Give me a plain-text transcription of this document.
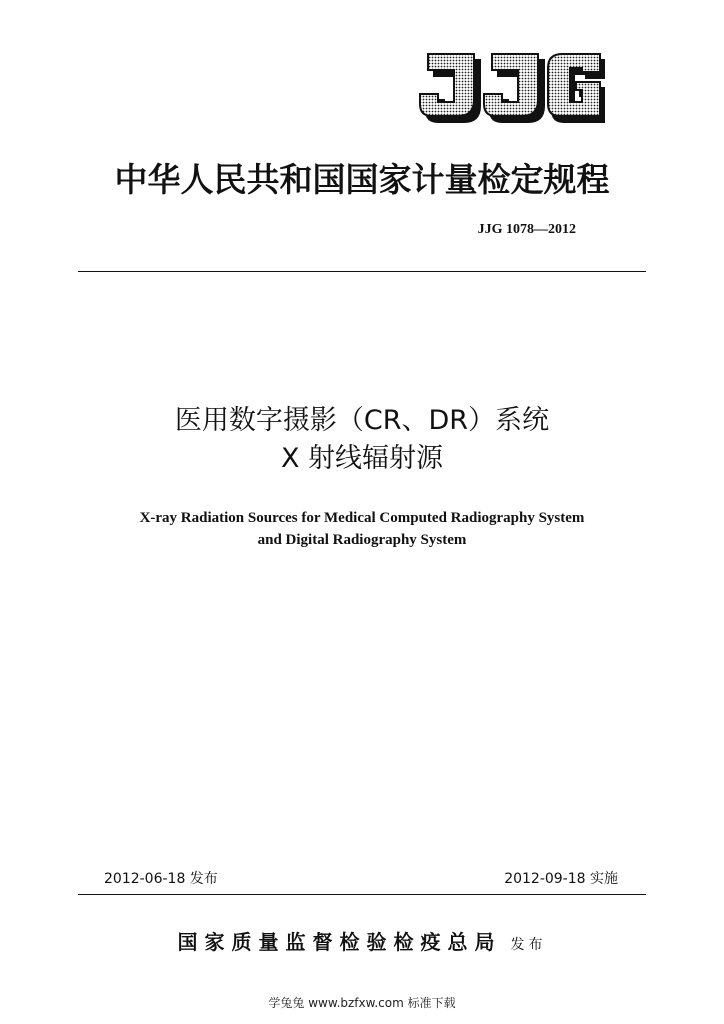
中华人民共和国国家计量检定规程
JJG 1078—2012
医用数字摄影（CR、DR）系统
X 射线辐射源
X-ray Radiation Sources for Medical Computed Radiography System
and Digital Radiography System
2012-06-18 发布	2012-09-18 实施
国家质量监督检验检疫总局 发布
学兔兔 www.bzfxw.com 标准下载
